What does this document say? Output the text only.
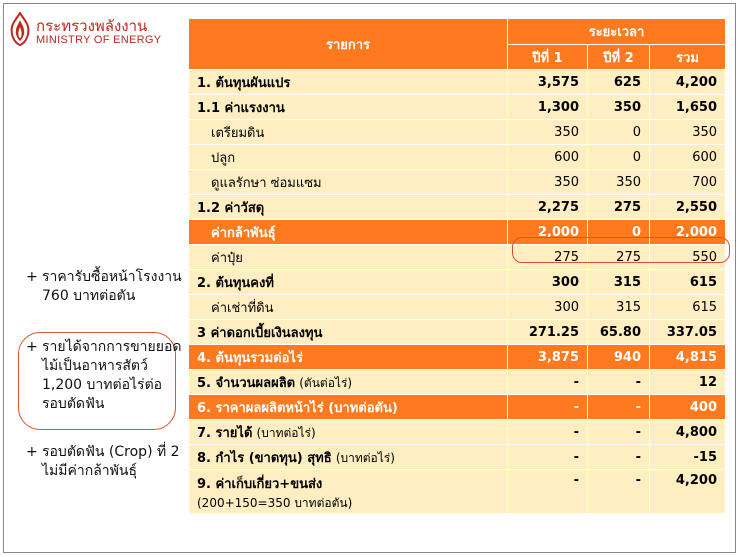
กระทรวงพลังงาน
MINISTRY OF ENERGY
+ ราคารับซื้อหน้าโรงงาน 760 บาทต่อตัน
+ รายได้จากการขายยอดไม้เป็นอาหารสัตว์ 1,200 บาทต่อไร่ต่อรอบตัดฟัน
+ รอบตัดฟัน (Crop) ที่ 2 ไม่มีค่ากล้าพันธุ์
รายการ	ระยะเวลา		
	ปีที่ 1	ปีที่ 2	รวม
1. ต้นทุนผันแปร	3,575	625	4,200
1.1 ค่าแรงงาน	1,300	350	1,650
เตรียมดิน	350	0	350
ปลูก	600	0	600
ดูแลรักษา ซ่อมแซม	350	350	700
1.2 ค่าวัสดุ	2,275	275	2,550
ค่ากล้าพันธุ์	2,000	0	2,000
ค่าปุ๋ย	275	275	550
2. ต้นทุนคงที่	300	315	615
ค่าเช่าที่ดิน	300	315	615
3 ค่าดอกเบี้ยเงินลงทุน	271.25	65.80	337.05
4. ต้นทุนรวมต่อไร่	3,875	940	4,815
5. จำนวนผลผลิต (ตันต่อไร่)	-	-	12
6. ราคาผลผลิตหน้าไร่ (บาทต่อตัน)	-	-	400
7. รายได้ (บาทต่อไร่)	-	-	4,800
8. กำไร (ขาดทุน) สุทธิ (บาทต่อไร่)	-	-	-15

9. ค่าเก็บเกี่ยว+ขนส่ง
(200+150=350 บาทต่อตัน)	-	-	4,200
